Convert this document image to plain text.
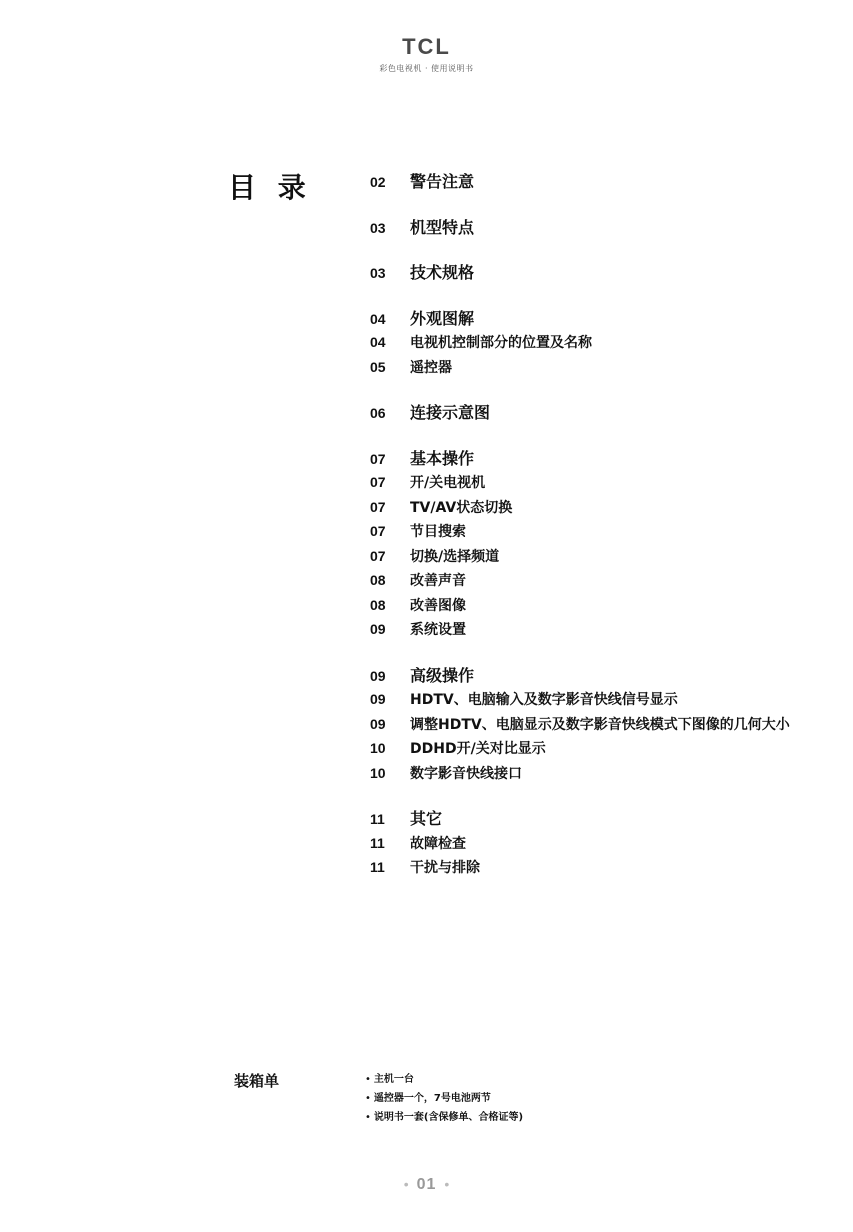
TCL
彩色电视机 · 使用说明书
目 录	02	警告注意
03	机型特点
03	技术规格
04	外观图解
04	电视机控制部分的位置及名称
05	遥控器
06	连接示意图
07	基本操作
07	开/关电视机
07	TV/AV状态切换
07	节目搜索
07	切换/选择频道
08	改善声音
08	改善图像
09	系统设置
09	高级操作
09	HDTV、电脑输入及数字影音快线信号显示
09	调整HDTV、电脑显示及数字影音快线模式下图像的几何大小
10	DDHD开/关对比显示
10	数字影音快线接口
11	其它
11	故障检查
11	干扰与排除
装箱单
•	主机一台
• 遥控器一个，7号电池两节
• 说明书一套(含保修单、合格证等)
• 01 •
